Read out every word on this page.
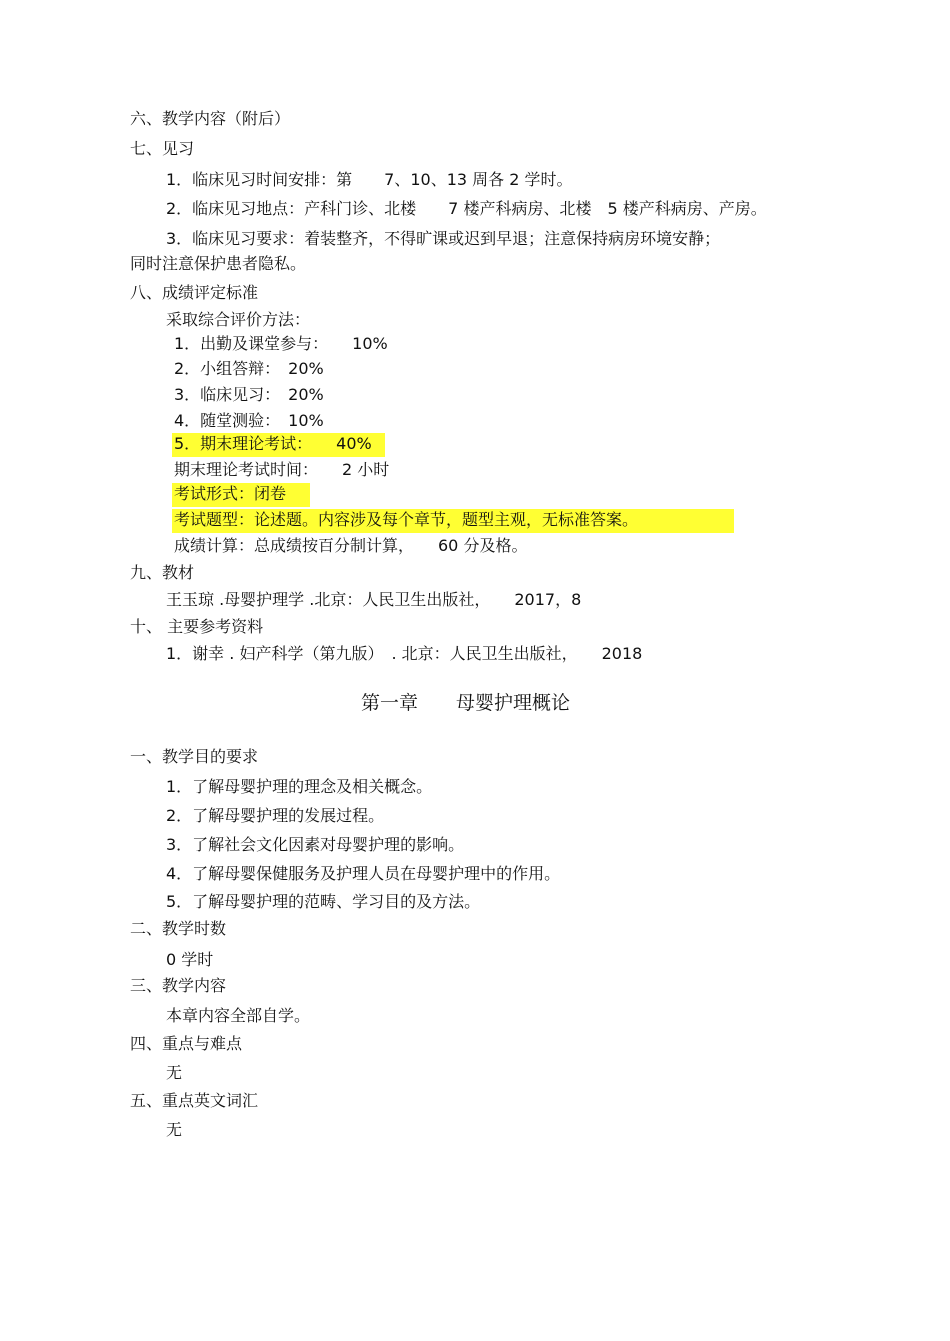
六、教学内容（附后）
七、见习
1．临床见习时间安排：第　　7、10、13 周各 2 学时。
2．临床见习地点：产科门诊、北楼　　7 楼产科病房、北楼　5 楼产科病房、产房。
3．临床见习要求：着装整齐，不得旷课或迟到早退；注意保持病房环境安静；
同时注意保护患者隐私。
八、成绩评定标准
采取综合评价方法：
1．出勤及课堂参与：　　10%
2．小组答辩：　20%
3．临床见习：　20%
4．随堂测验：　10%
5．期末理论考试：　　40%
期末理论考试时间：　　2 小时
考试形式：闭卷
考试题型：论述题。内容涉及每个章节，题型主观，无标准答案。
成绩计算：总成绩按百分制计算，　　60 分及格。
九、教材
王玉琼 .母婴护理学 .北京：人民卫生出版社，　　2017，8
十、 主要参考资料
1．谢幸 . 妇产科学（第九版）　. 北京：人民卫生出版社，　　2018
第一章　　母婴护理概论
一、教学目的要求
1．了解母婴护理的理念及相关概念。
2．了解母婴护理的发展过程。
3．了解社会文化因素对母婴护理的影响。
4．了解母婴保健服务及护理人员在母婴护理中的作用。
5．了解母婴护理的范畴、学习目的及方法。
二、教学时数
0 学时
三、教学内容
本章内容全部自学。
四、重点与难点
无
五、重点英文词汇
无
